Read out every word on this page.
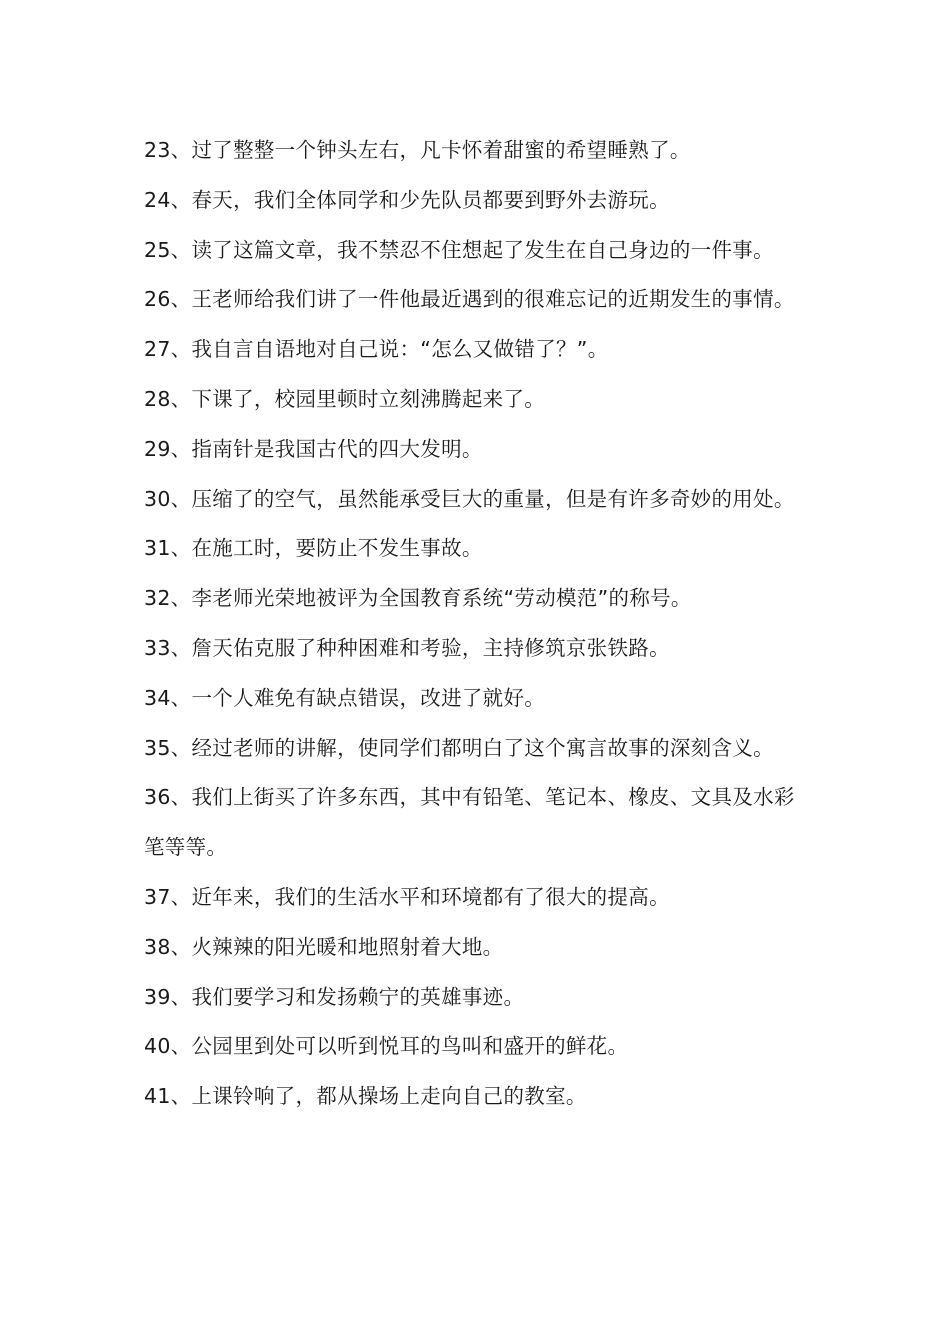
23、过了整整一个钟头左右，凡卡怀着甜蜜的希望睡熟了。

24、春天，我们全体同学和少先队员都要到野外去游玩。

25、读了这篇文章，我不禁忍不住想起了发生在自己身边的一件事。

26、王老师给我们讲了一件他最近遇到的很难忘记的近期发生的事情。

27、我自言自语地对自己说：“怎么又做错了？”。

28、下课了，校园里顿时立刻沸腾起来了。

29、指南针是我国古代的四大发明。

30、压缩了的空气，虽然能承受巨大的重量，但是有许多奇妙的用处。

31、在施工时，要防止不发生事故。

32、李老师光荣地被评为全国教育系统“劳动模范”的称号。

33、詹天佑克服了种种困难和考验，主持修筑京张铁路。

34、一个人难免有缺点错误，改进了就好。

35、经过老师的讲解，使同学们都明白了这个寓言故事的深刻含义。

36、我们上街买了许多东西，其中有铅笔、笔记本、橡皮、文具及水彩笔等等。

37、近年来，我们的生活水平和环境都有了很大的提高。

38、火辣辣的阳光暖和地照射着大地。

39、我们要学习和发扬赖宁的英雄事迹。

40、公园里到处可以听到悦耳的鸟叫和盛开的鲜花。

41、上课铃响了，都从操场上走向自己的教室。
